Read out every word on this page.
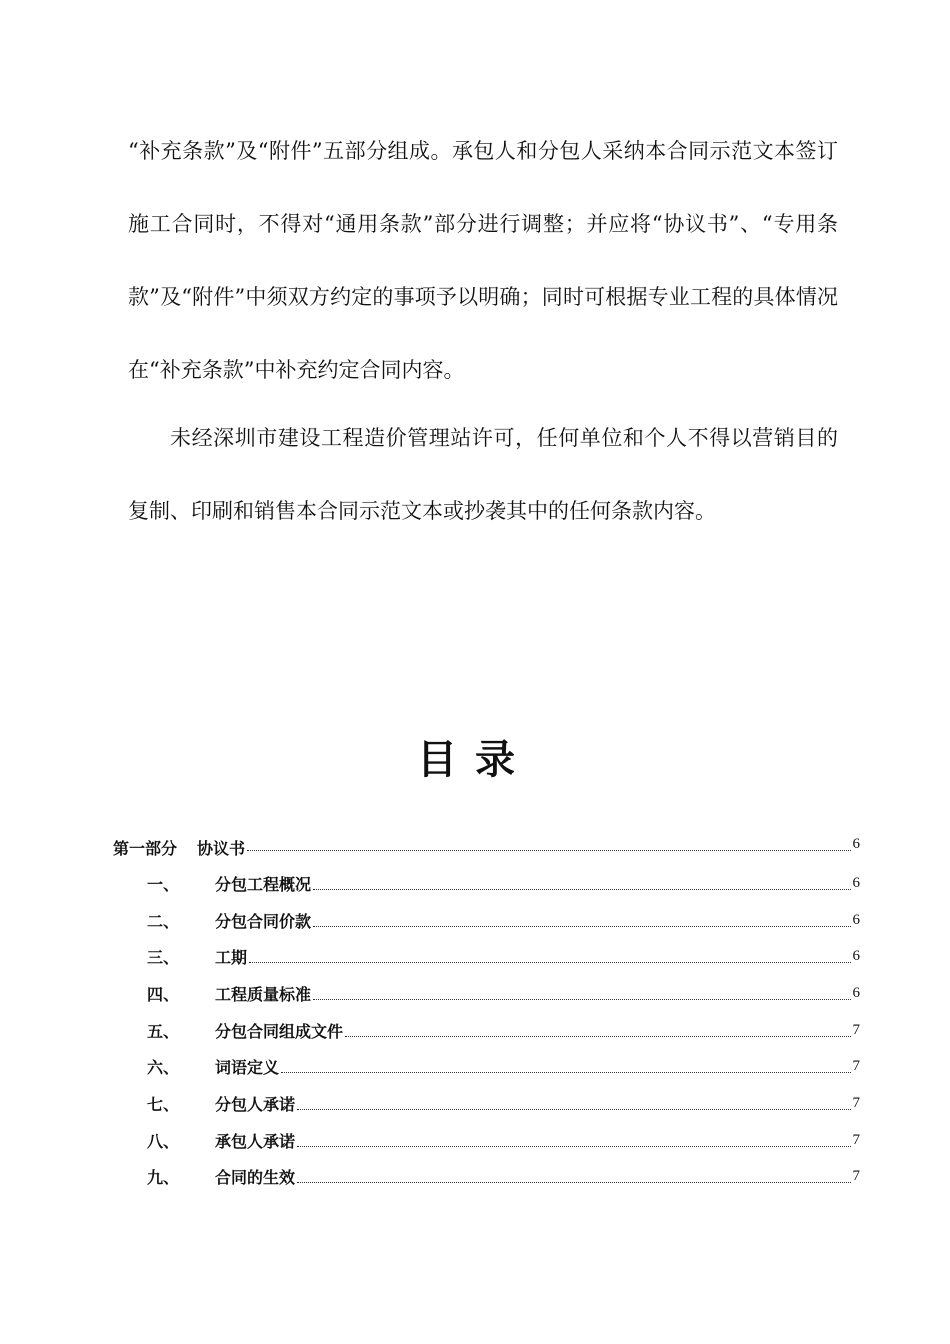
“补充条款”及“附件”五部分组成。承包人和分包人采纳本合同示范文本签订施工合同时，不得对“通用条款”部分进行调整；并应将“协议书”、“专用条款”及“附件”中须双方约定的事项予以明确；同时可根据专业工程的具体情况在“补充条款”中补充约定合同内容。

未经深圳市建设工程造价管理站许可，任何单位和个人不得以营销目的复制、印刷和销售本合同示范文本或抄袭其中的任何条款内容。

目录
第一部分 协议书	6
一、	分包工程概况	6
二、	分包合同价款	6
三、	工期	6
四、	工程质量标准	6
五、	分包合同组成文件	7
六、	词语定义	7
七、	分包人承诺	7
八、	承包人承诺	7
九、	合同的生效	7
